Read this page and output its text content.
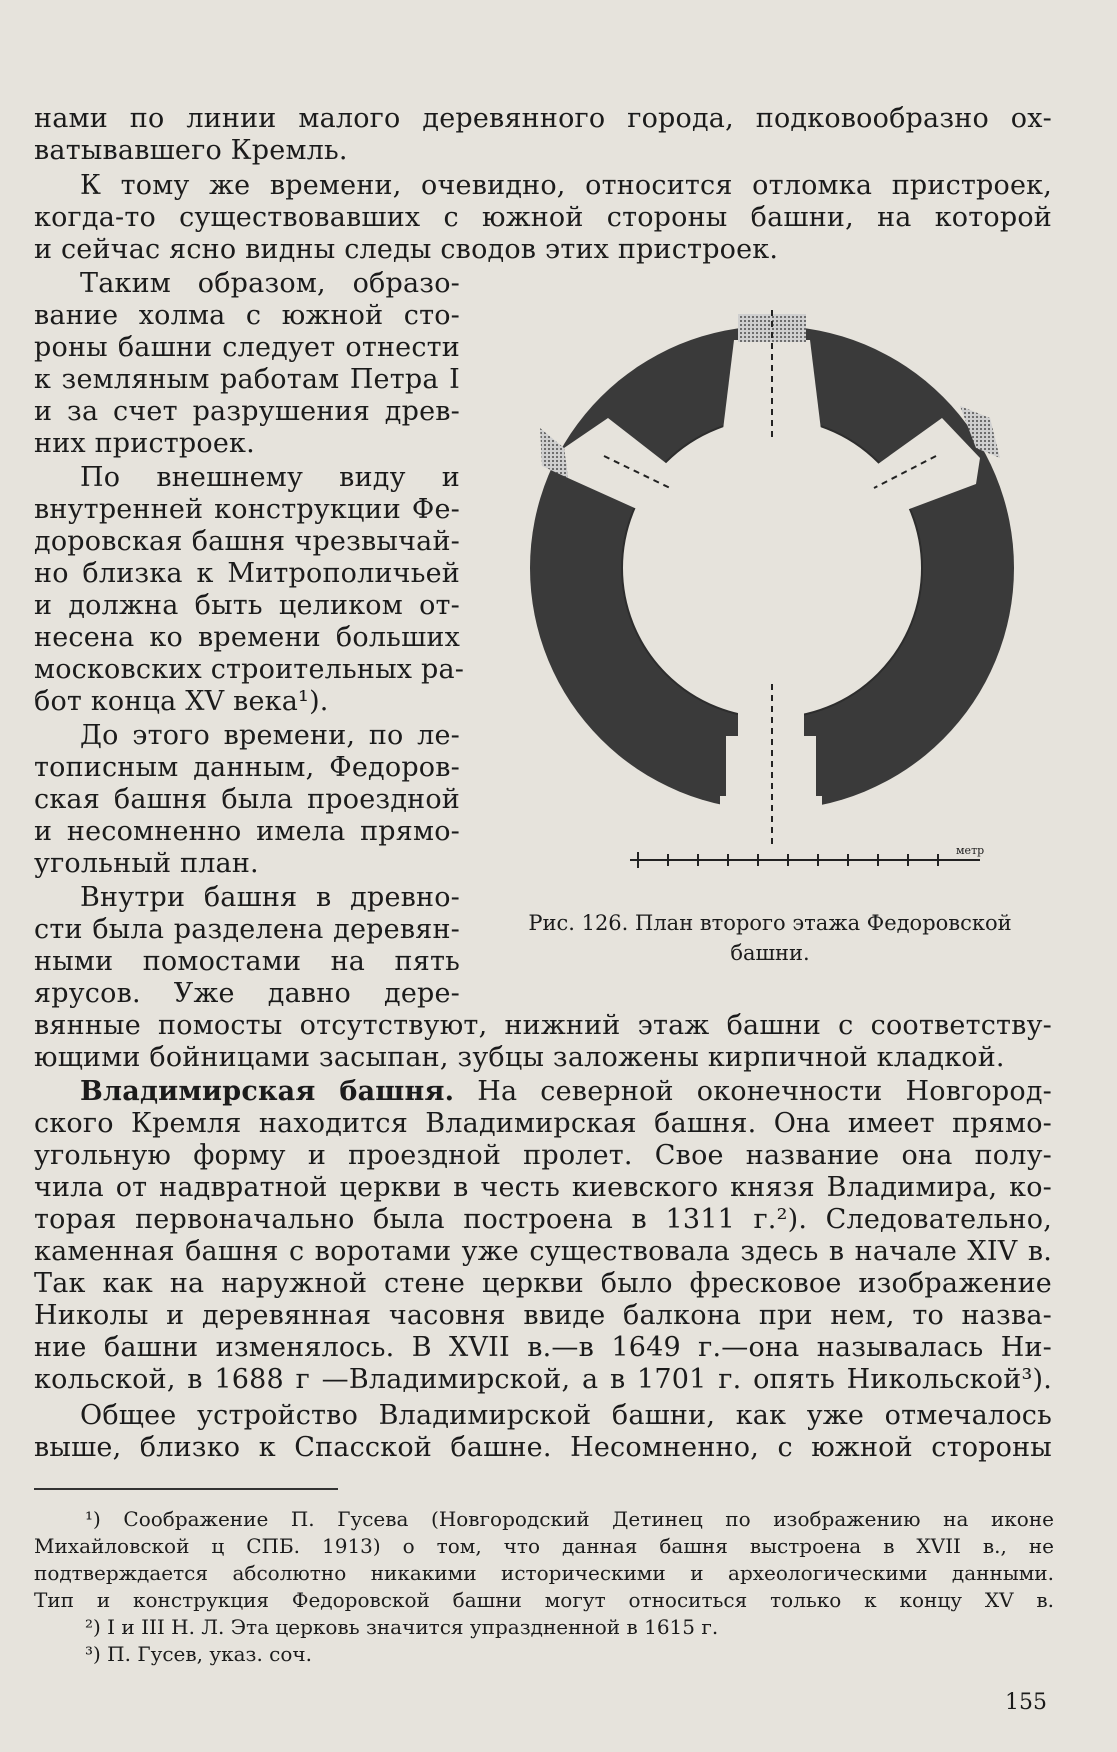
нами по линии малого деревянного города, подковообразно ох-
ватывавшего Кремль.
К тому же времени, очевидно, относится отломка пристроек,
когда-то существовавших с южной стороны башни, на которой
и сейчас ясно видны следы сводов этих пристроек.
Таким образом, образо-
вание холма с южной сто-
роны башни следует отнести
к земляным работам Петра I
и за счет разрушения древ-
них пристроек.
По внешнему виду и
внутренней конструкции Фе-
доровская башня чрезвычай-
но близка к Митрополичьей
и должна быть целиком от-
несена ко времени больших
московских строительных ра-
бот конца XV века¹).
До этого времени, по ле-
тописным данным, Федоров-
ская башня была проездной
и несомненно имела прямо-
угольный план.
Внутри башня в древно-
сти была разделена деревян-
ными помостами на пять
ярусов. Уже давно дере-
вянные помосты отсутствуют, нижний этаж башни с соответству-
ющими бойницами засыпан, зубцы заложены кирпичной кладкой.
ского Кремля находится Владимирская башня. Она имеет прямо-
угольную форму и проездной пролет. Свое название она полу-
чила от надвратной церкви в честь киевского князя Владимира, ко-
торая первоначально была построена в 1311 г.²). Следовательно,
каменная башня с воротами уже существовала здесь в начале XIV в.
Так как на наружной стене церкви было фресковое изображение
Николы и деревянная часовня ввиде балкона при нем, то назва-
ние башни изменялось. В XVII в.—в 1649 г.—она называлась Ни-
кольской, в 1688 г —Владимирской, а в 1701 г. опять Никольской³).
Общее устройство Владимирской башни, как уже отмечалось
выше, близко к Спасской башне. Несомненно, с южной стороны
Владимирская башня. На северной оконечности Новгород-
метр
Рис. 126. План второго этажа Федоровской
башни.
¹) Соображение П. Гусева (Новгородский Детинец по изображению на иконе
Михайловской ц СПБ. 1913) о том, что данная башня выстроена в XVII в., не
подтверждается абсолютно никакими историческими и археологическими данными.
Тип и конструкция Федоровской башни могут относиться только к концу XV в.
²) I и III Н. Л. Эта церковь значится упраздненной в 1615 г.
³) П. Гусев, указ. соч.
155
